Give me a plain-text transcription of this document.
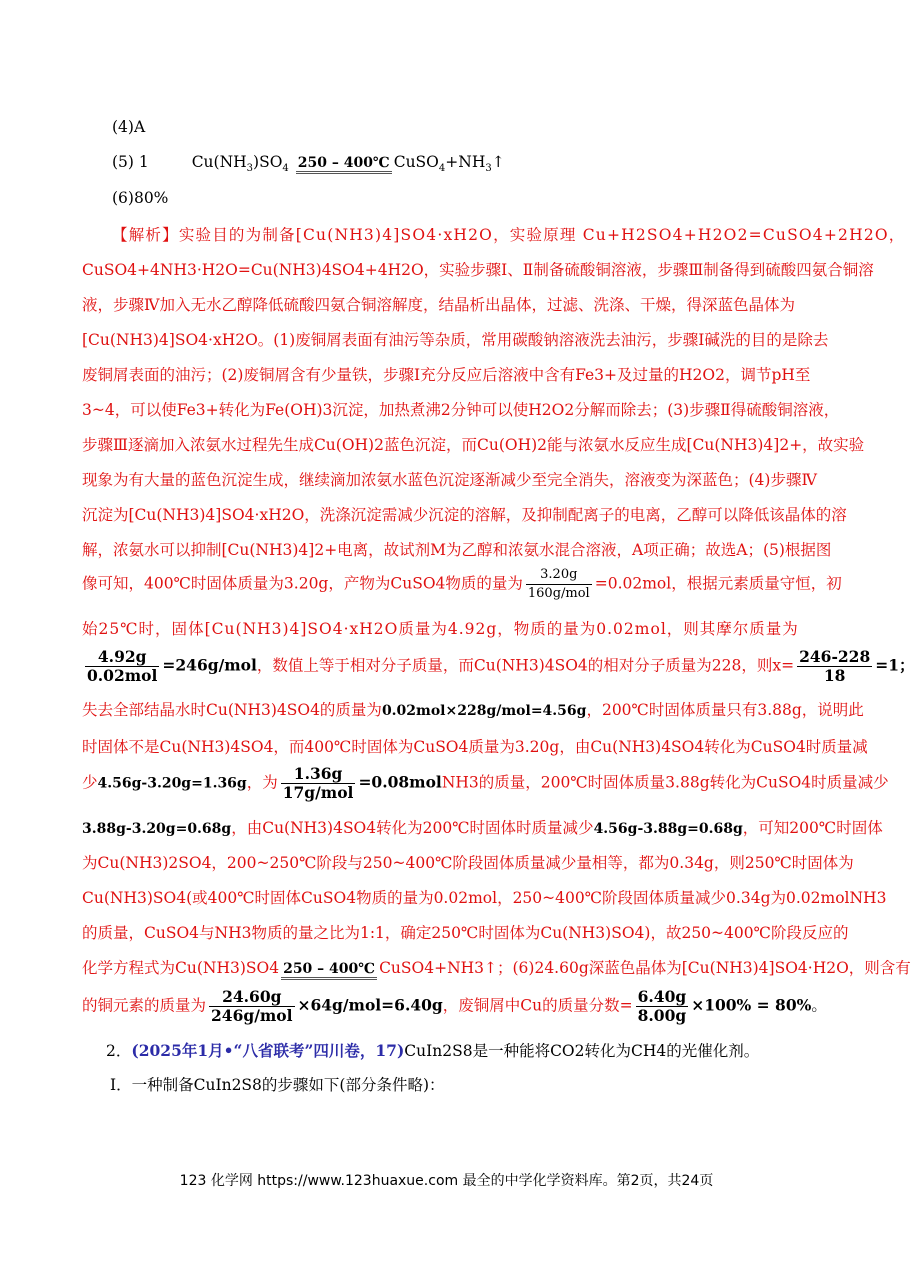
(4)A
(5) 1	$Cu(NH_3)SO_4$ 250 – 400℃ $CuSO_4+NH_3↑$
(6)80%
【解析】实验目的为制备[Cu(NH3)4]SO4·xH2O，实验原理 Cu+H2SO4+H2O2=CuSO4+2H2O，
CuSO4+4NH3·H2O=Cu(NH3)4SO4+4H2O，实验步骤Ⅰ、Ⅱ制备硫酸铜溶液，步骤Ⅲ制备得到硫酸四氨合铜溶
液，步骤Ⅳ加入无水乙醇降低硫酸四氨合铜溶解度，结晶析出晶体，过滤、洗涤、干燥，得深蓝色晶体为
[Cu(NH3)4]SO4·xH2O。(1)废铜屑表面有油污等杂质，常用碳酸钠溶液洗去油污，步骤Ⅰ碱洗的目的是除去
废铜屑表面的油污；(2)废铜屑含有少量铁，步骤Ⅰ充分反应后溶液中含有Fe3+及过量的H2O2，调节pH至
3~4，可以使Fe3+转化为Fe(OH)3沉淀，加热煮沸2分钟可以使H2O2分解而除去；(3)步骤Ⅱ得硫酸铜溶液，
步骤Ⅲ逐滴加入浓氨水过程先生成Cu(OH)2蓝色沉淀，而Cu(OH)2能与浓氨水反应生成[Cu(NH3)4]2+，故实验
现象为有大量的蓝色沉淀生成，继续滴加浓氨水蓝色沉淀逐渐减少至完全消失，溶液变为深蓝色；(4)步骤Ⅳ
沉淀为[Cu(NH3)4]SO4·xH2O，洗涤沉淀需减少沉淀的溶解，及抑制配离子的电离，乙醇可以降低该晶体的溶
解，浓氨水可以抑制[Cu(NH3)4]2+电离，故试剂M为乙醇和浓氨水混合溶液，A项正确；故选A；(5)根据图
像可知，400℃时固体质量为3.20g，产物为CuSO4物质的量为 $\frac{3.20g}{\text{160g/mol}} =0.02mol$，根据元素质量守恒，初
始25℃时，固体[Cu(NH3)4]SO4·xH2O质量为4.92g，物质的量为0.02mol，则其摩尔质量为
$\frac{4.92g}{\text{0.02mol}} =246g/mol$，数值上等于相对分子质量，而Cu(NH3)4SO4的相对分子质量为228，则$x= \frac{246-228}{18} =1$；
失去全部结晶水时Cu(NH3)4SO4的质量为0.02mol×228g/mol=4.56g，200℃时固体质量只有3.88g，说明此
时固体不是Cu(NH3)4SO4，而400℃时固体为CuSO4质量为3.20g，由Cu(NH3)4SO4转化为CuSO4时质量减
少4.56g-3.20g=1.36g，为 $\frac{1.36g}{\text{17g/mol}}$ =0.08molNH3的质量，200℃时固体质量3.88g转化为CuSO4时质量减少
3.88g-3.20g=0.68g，由Cu(NH3)4SO4转化为200℃时固体时质量减少4.56g-3.88g=0.68g，可知200℃时固体
为Cu(NH3)2SO4，200~250℃阶段与250~400℃阶段固体质量减少量相等，都为0.34g，则250℃时固体为
Cu(NH3)SO4(或400℃时固体CuSO4物质的量为0.02mol，250~400℃阶段固体质量减少0.34g为0.02molNH3
的质量，CuSO4与NH3物质的量之比为1:1，确定250℃时固体为Cu(NH3)SO4)，故250~400℃阶段反应的
化学方程式为Cu(NH3)SO4 250 – 400℃ CuSO4+NH3↑；(6)24.60g深蓝色晶体为[Cu(NH3)4]SO4·H2O，则含有
的铜元素的质量为 $\frac{24.60g}{\text{246g/mol}} \times 64g/mol=6.40g$，废铜屑中Cu的质量分数= $\frac{6.40g}{8.00g} \times 100\% = 80\%$。
2．(2025年1月•“八省联考”四川卷，17)CuIn2S8是一种能将CO2转化为CH4的光催化剂。
Ⅰ．一种制备CuIn2S8的步骤如下(部分条件略)：
123 化学网 https://www.123huaxue.com 最全的中学化学资料库。第2页，共24页
